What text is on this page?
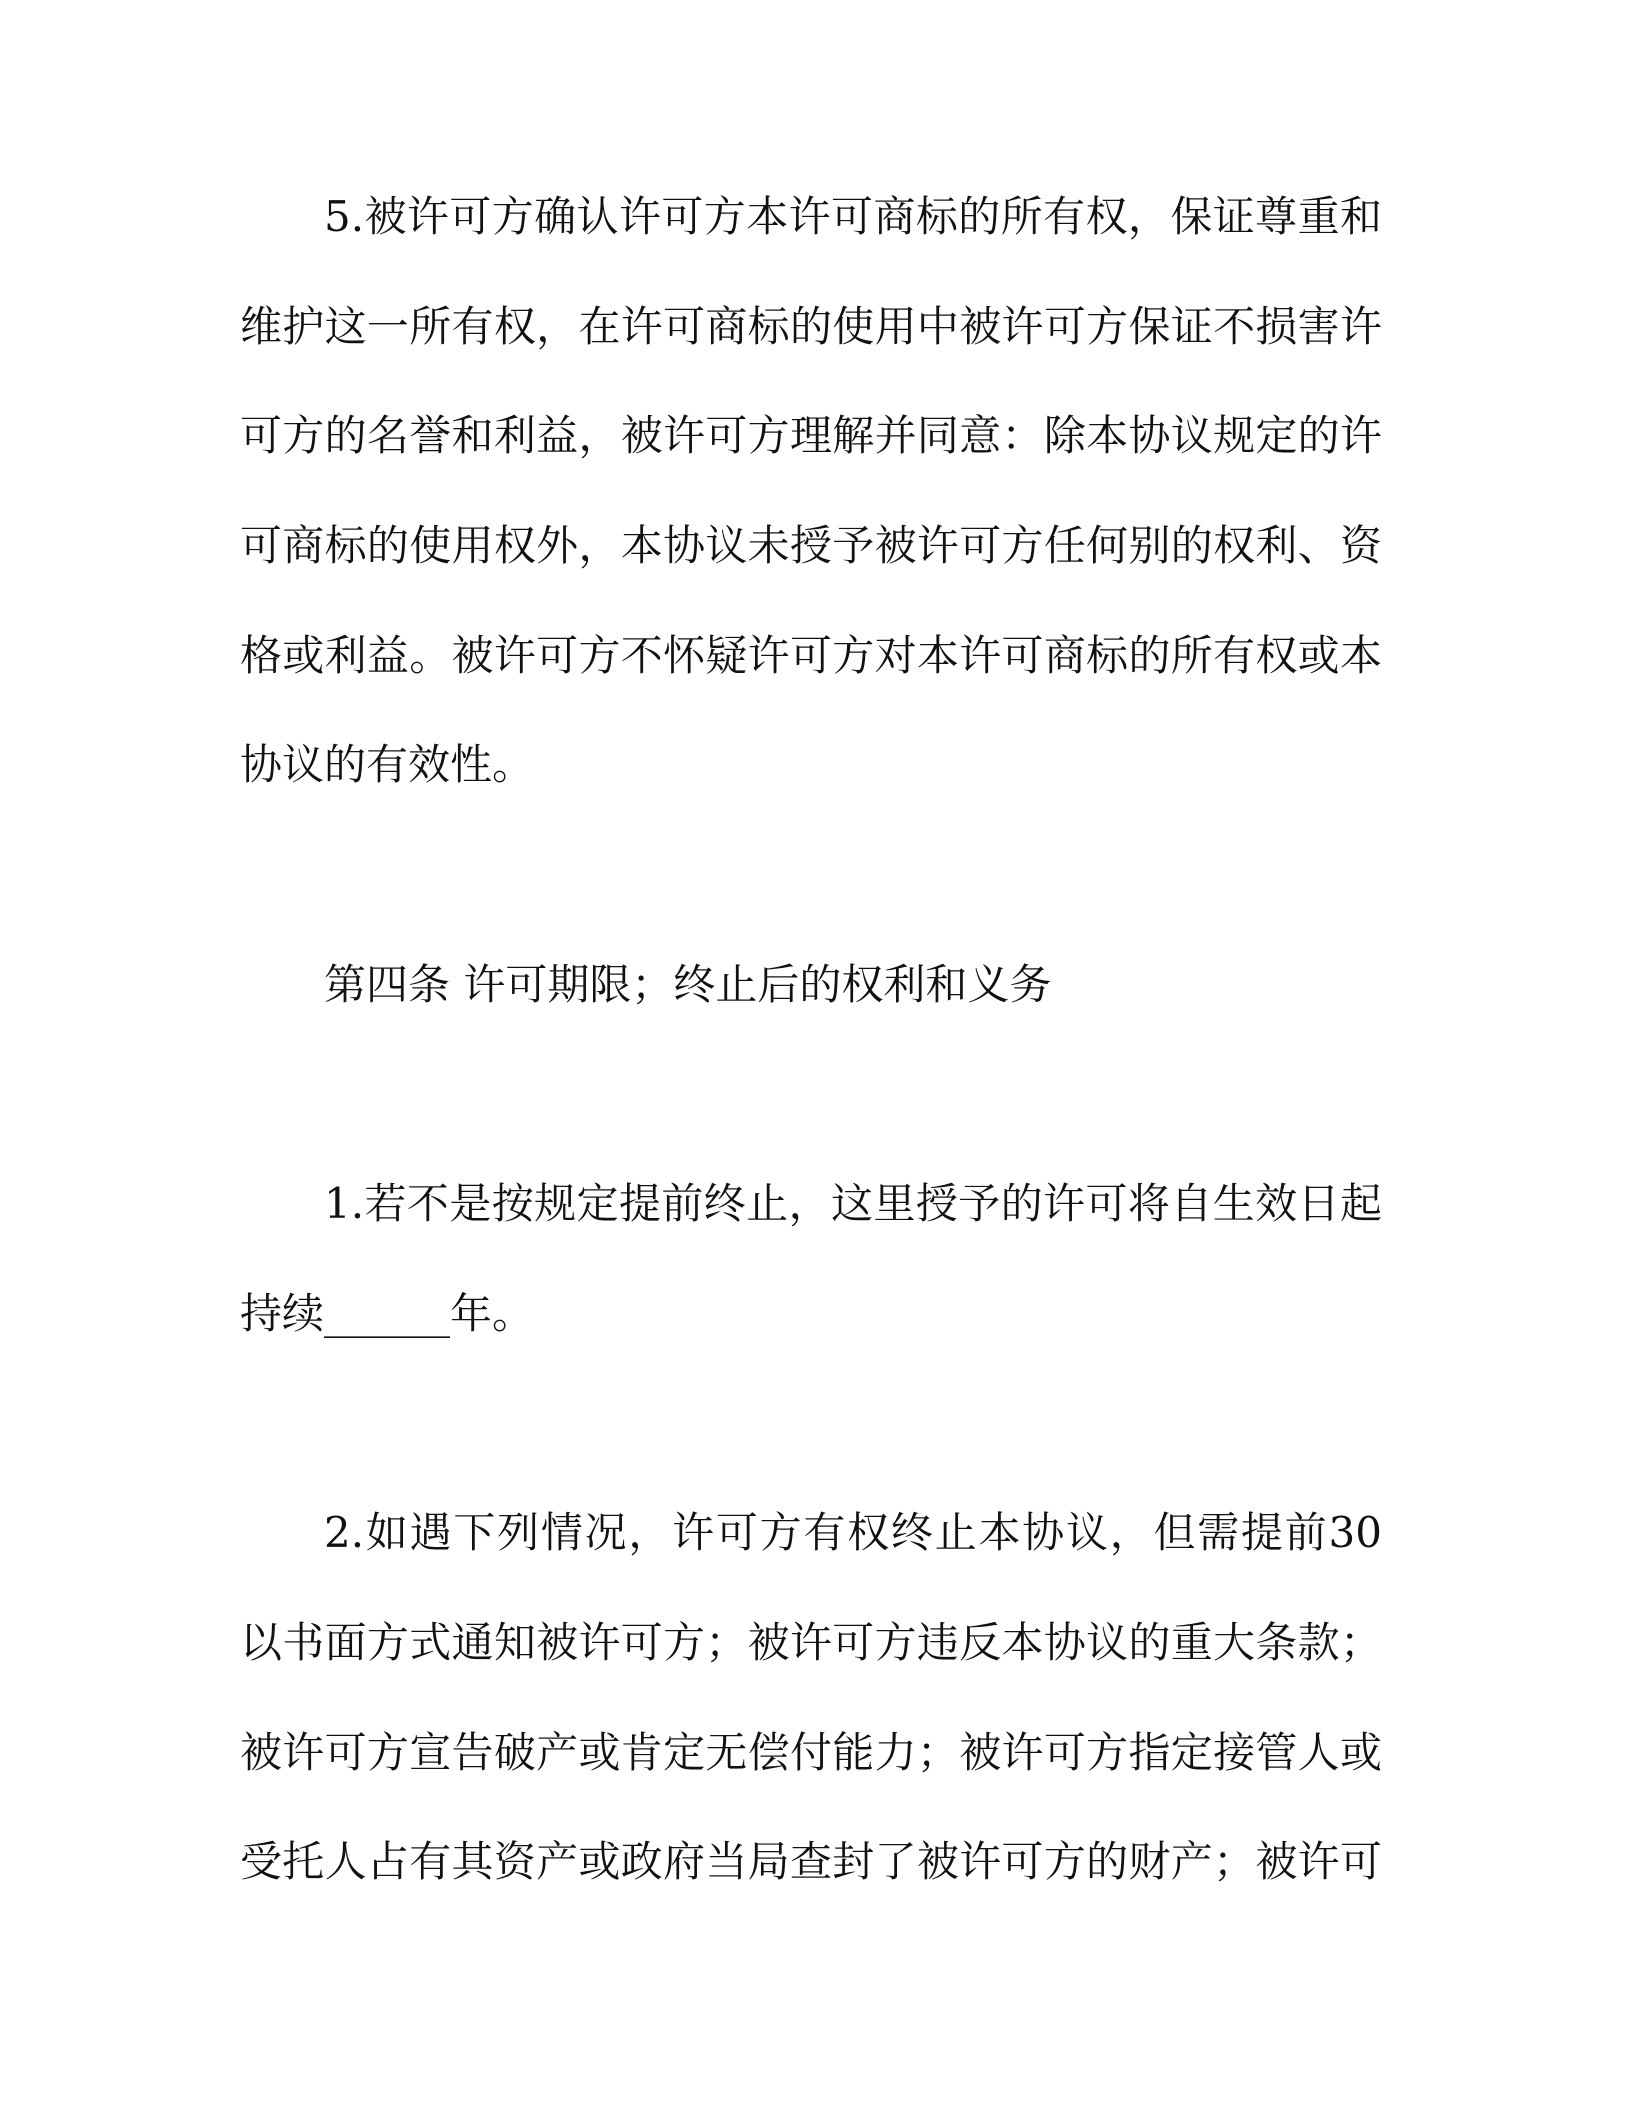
5.被许可方确认许可方本许可商标的所有权，保证尊重和
维护这一所有权，在许可商标的使用中被许可方保证不损害许
可方的名誉和利益，被许可方理解并同意：除本协议规定的许
可商标的使用权外，本协议未授予被许可方任何别的权利、资
格或利益。被许可方不怀疑许可方对本许可商标的所有权或本
协议的有效性。
第四条 许可期限；终止后的权利和义务
1.若不是按规定提前终止，这里授予的许可将自生效日起
持续______年。
2.如遇下列情况，许可方有权终止本协议，但需提前30
以书面方式通知被许可方；被许可方违反本协议的重大条款；
被许可方宣告破产或肯定无偿付能力；被许可方指定接管人或
受托人占有其资产或政府当局查封了被许可方的财产；被许可
